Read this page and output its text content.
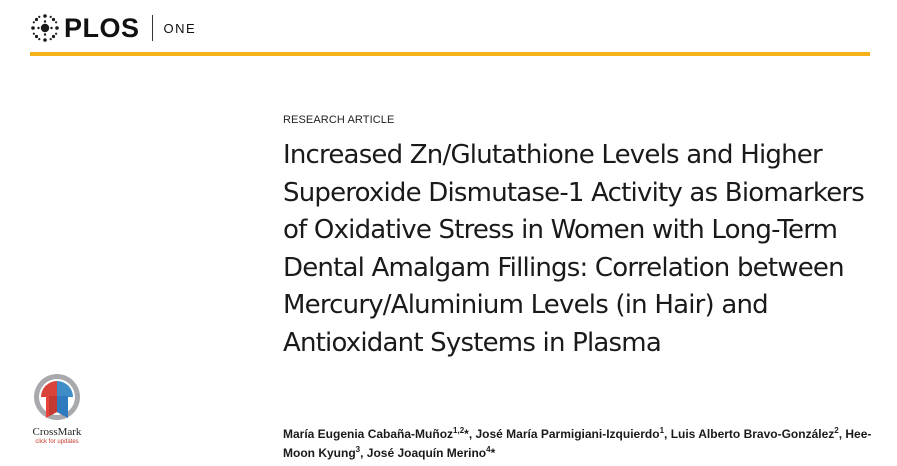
PLOS ONE
RESEARCH ARTICLE
Increased Zn/Glutathione Levels and Higher Superoxide Dismutase-1 Activity as Biomarkers of Oxidative Stress in Women with Long-Term Dental Amalgam Fillings: Correlation between Mercury/Aluminium Levels (in Hair) and Antioxidant Systems in Plasma
María Eugenia Cabaña-Muñoz$^{1,2}$*, José María Parmigiani-Izquierdo$^1$, Luis Alberto Bravo-González$^2$, Hee-Moon Kyung$^3$, José Joaquín Merino$^4$*
CrossMark
click for updates
